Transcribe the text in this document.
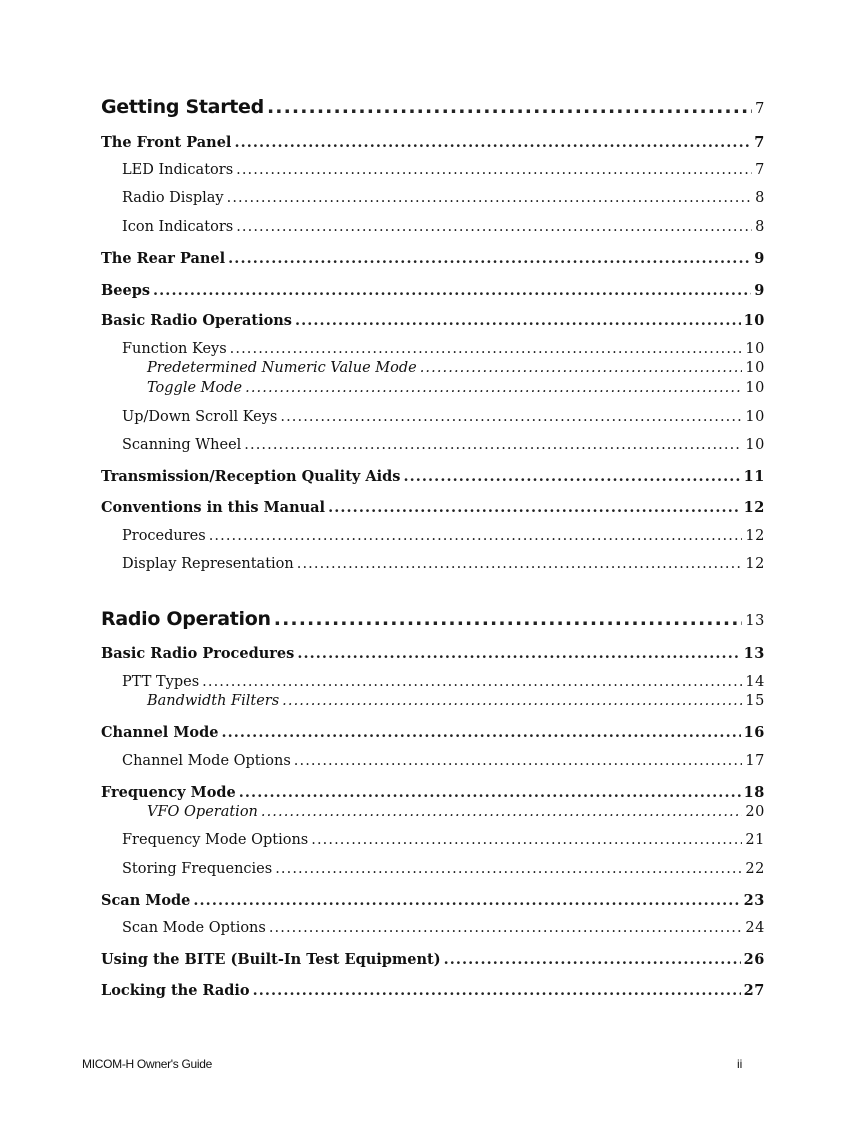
Getting Started .....	7
The Front Panel .....	7
LED Indicators .....	7
Radio Display .....	8
Icon Indicators .....	8
The Rear Panel .....	9
Beeps .....	9
Basic Radio Operations .....	10
Function Keys .....	10
Predetermined Numeric Value Mode .....	10
Toggle Mode .....	10
Up/Down Scroll Keys .....	10
Scanning Wheel .....	10
Transmission/Reception Quality Aids .....	11
Conventions in this Manual .....	12
Procedures .....	12
Display Representation .....	12
Radio Operation .....	13
Basic Radio Procedures .....	13
PTT Types .....	14
Bandwidth Filters .....	15
Channel Mode .....	16
Channel Mode Options .....	17
Frequency Mode .....	18
VFO Operation .....	20
Frequency Mode Options .....	21
Storing Frequencies .....	22
Scan Mode .....	23
Scan Mode Options .....	24
Using the BITE (Built-In Test Equipment) .....	26
Locking the Radio .....	27
MICOM-H Owner's Guide	ii
